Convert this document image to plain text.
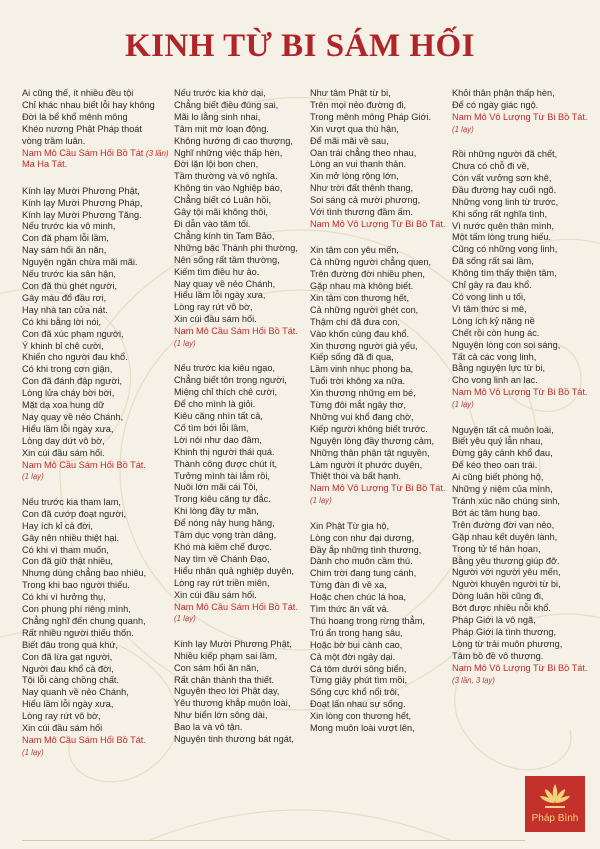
KINH TỪ BI SÁM HỐI
Ai cũng thế, ít nhiều đều tội
Chỉ khác nhau biết lỗi hay không
Đời là bể khổ mênh mông
Khéo nương Phật Pháp thoát
vòng trầm luân.
Nam Mô Cầu Sám Hối Bồ Tát (3 lần)
Ma Ha Tát.
Kính lạy Mười Phương Phật,
Kính lạy Mười Phương Pháp,
Kính lạy Mười Phương Tăng.
Nếu trước kia vô minh,
Con đã phạm lỗi lầm,
Nay sám hối ăn năn,
Nguyện ngăn chừa mãi mãi.
Nếu trước kia sân hận,
Con đã thù ghét người,
Gây máu đổ đầu rơi,
Hay nhà tan cửa nát.
Có khi bằng lời nói,
Con đã xúc phạm người,
Ý khinh bỉ chê cười,
Khiến cho người đau khổ.
Có khi trong cơn giận,
Con đã đánh đập người,
Lòng lửa cháy bời bời,
Mặt dạ xoa hung dữ
Nay quay về nẻo Chánh,
Hiểu lầm lỗi ngày xưa,
Lòng day dứt vô bờ,
Xin cúi đầu sám hối.
Nam Mô Cầu Sám Hối Bồ Tát.
(1 lạy)
Nếu trước kia tham lam,
Con đã cướp đoạt người,
Hay ích kỉ cả đời,
Gây nên nhiều thiệt hại.
Có khi vì tham muốn,
Con đã giữ thật nhiều,
Nhưng dùng chẳng bao nhiêu,
Trong khi bao người thiếu.
Có khi vì hưởng thụ,
Con phung phí riêng mình,
Chẳng nghĩ đến chung quanh,
Rất nhiều người thiếu thốn.
Biết đâu trong quá khứ,
Con đã lừa gạt người,
Người đau khổ cả đời,
Tội lỗi càng chồng chất.
Nay quanh về nẻo Chánh,
Hiểu lầm lỗi ngày xưa,
Lòng ray rứt vô bờ,
Xin cúi đầu sám hối
Nam Mô Cầu Sám Hối Bồ Tát.
(1 lạy)
Nếu trước kia khờ dại,
Chẳng biết điều đúng sai,
Mãi lo lằng sinh nhai,
Tâm mịt mờ loạn động.
Không hướng đi cao thượng,
Nghĩ những việc thấp hèn,
Đời lặn lội bon chen,
Tầm thường và vô nghĩa.
Không tin vào Nghiệp báo,
Chẳng biết có Luân hồi,
Gây tội mãi không thôi,
Đi dẫn vào tăm tối.
Chẳng kính tin Tam Bảo,
Những bậc Thánh phi thường,
Nên sống rất tầm thường,
Kiếm tìm điều hư ảo.
Nay quay về nẻo Chánh,
Hiểu lầm lỗi ngày xưa,
Lòng ray rứt vô bờ,
Xin cúi đầu sám hối.
Nam Mô Cầu Sám Hối Bồ Tát.
(1 lạy)
Nếu trước kia kiêu ngạo,
Chẳng biết tôn trọng người,
Miệng chỉ thích chê cười,
Để cho mình là giỏi.
Kiêu căng nhìn tất cả,
Cố tìm bới lỗi lầm,
Lời nói như dao đâm,
Khinh thị người thái quá.
Thành công được chút ít,
Tưởng mình tài lắm rồi,
Nuôi lớn mãi cái Tôi,
Trong kiêu căng tự đắc.
Khi lòng đầy tự mãn,
Để nóng nảy hung hăng,
Tâm dục vọng tràn dâng,
Khó mà kiềm chế được.
Nay tìm về Chánh Đạo,
Hiểu nhân quả nghiệp duyên,
Lòng ray rứt triền miên,
Xin cúi đầu sám hối.
Nam Mô Cầu Sám Hối Bồ Tát.
(1 lạy)
Kính lạy Mười Phương Phật,
Nhiều kiếp phạm sai lầm,
Con sám hối ăn năn,
Rất chân thành tha thiết.
Nguyện theo lời Phật dạy,
Yêu thương khắp muôn loài,
Như biển lớn sông dài,
Bao la và vô tận.
Nguyện tinh thương bát ngát,
Như tâm Phật từ bi,
Trên mọi nẻo đường đi,
Trong mênh mông Pháp Giới.
Xin vượt qua thù hận,
Để mãi mãi về sau,
Oan trái chẳng theo nhau,
Lòng an vui thanh thản.
Xin mở lòng rộng lớn,
Như trời đất thênh thang,
Soi sáng cả mười phương,
Với tình thương đầm ấm.
Nam Mô Vô Lượng Từ Bi Bồ Tát.
Xin tâm con yêu mến,
Cả những người chẳng quen,
Trên đường đời nhiều phen,
Gặp nhau mà không biết.
Xin tâm con thương hết,
Cả những người ghét con,
Thậm chí đã đưa con,
Vào khốn cùng đau khổ.
Xin thương người giả yếu,
Kiếp sống đã đi qua,
Lầm vinh nhục phong ba,
Tuổi trời không xa nữa.
Xin thương những em bé,
Từng đôi mắt ngây thơ,
Những vui khổ đang chờ,
Kiếp người không biết trước.
Nguyện lòng đầy thương cảm,
Những thân phận tật nguyền,
Làm người ít phước duyên,
Thiệt thòi và bất hạnh.
Nam Mô Vô Lượng Từ Bi Bồ Tát.
(1 lạy)
Xin Phật Từ gia hộ,
Lòng con như đại dương,
Đầy ắp những tình thương,
Dành cho muôn cầm thú.
Chim trời đang tung cánh,
Từng đàn đi về xa,
Hoặc chen chúc lá hoa,
Tìm thức ăn vất vả.
Thú hoang trong rừng thẳm,
Trú ẩn trong hang sâu,
Hoặc bờ bụi cành cao,
Cả một đời ngây dại.
Cá tôm dưới sông biển,
Từng giây phút tìm mồi,
Sống cực khổ nổi trôi,
Đoạt lấn nhau sự sống.
Xin lòng con thương hết,
Mong muôn loài vượt lên,
Khỏi thân phận thấp hèn,
Để có ngày giác ngộ.
Nam Mô Vô Lượng Từ Bi Bồ Tát.
(1 lạy)
Rồi những người đã chết,
Chưa có chỗ đi về,
Còn vất vưởng sơn khê,
Đầu đường hay cuối ngõ.
Những vong linh từ trước,
Khi sống rất nghĩa tình,
Vì nước quên thân mình,
Một tấm lòng trung hiếu.
Cũng có những vong linh,
Đã sống rất sai lầm,
Không tìm thấy thiện tâm,
Chỉ gây ra đau khổ.
Có vong linh u tối,
Vì tâm thức si mê,
Lòng ích kỷ nặng nề
Chết rồi còn hung ác.
Nguyện lòng con soi sáng,
Tất cả các vong linh,
Bằng nguyện lực từ bi,
Cho vong linh an lạc.
Nam Mô Vô Lượng Từ Bi Bồ Tát.
(1 lạy)
Nguyện tất cả muôn loài,
Biết yêu quý lẫn nhau,
Đừng gây cảnh khổ đau,
Để kéo theo oan trái.
Ai cũng biết phòng hộ,
Những ý niệm của mình,
Tránh xúc não chúng sinh,
Bớt ác tâm hung bạo.
Trên đường đời vạn nẻo,
Gặp nhau kết duyên lành,
Trong tử tế hân hoan,
Bằng yêu thương giúp đỡ.
Người với người yêu mến,
Người khuyên người từ bi,
Dòng luân hồi cũng đi,
Bớt được nhiều nỗi khổ.
Pháp Giới là vô ngã,
Pháp Giới là tình thương,
Lòng từ trải muôn phương,
Tâm bồ đề vô thượng.
Nam Mô Vô Lượng Từ Bi Bồ Tát.
(3 lần, 3 lạy)
Pháp Bình
